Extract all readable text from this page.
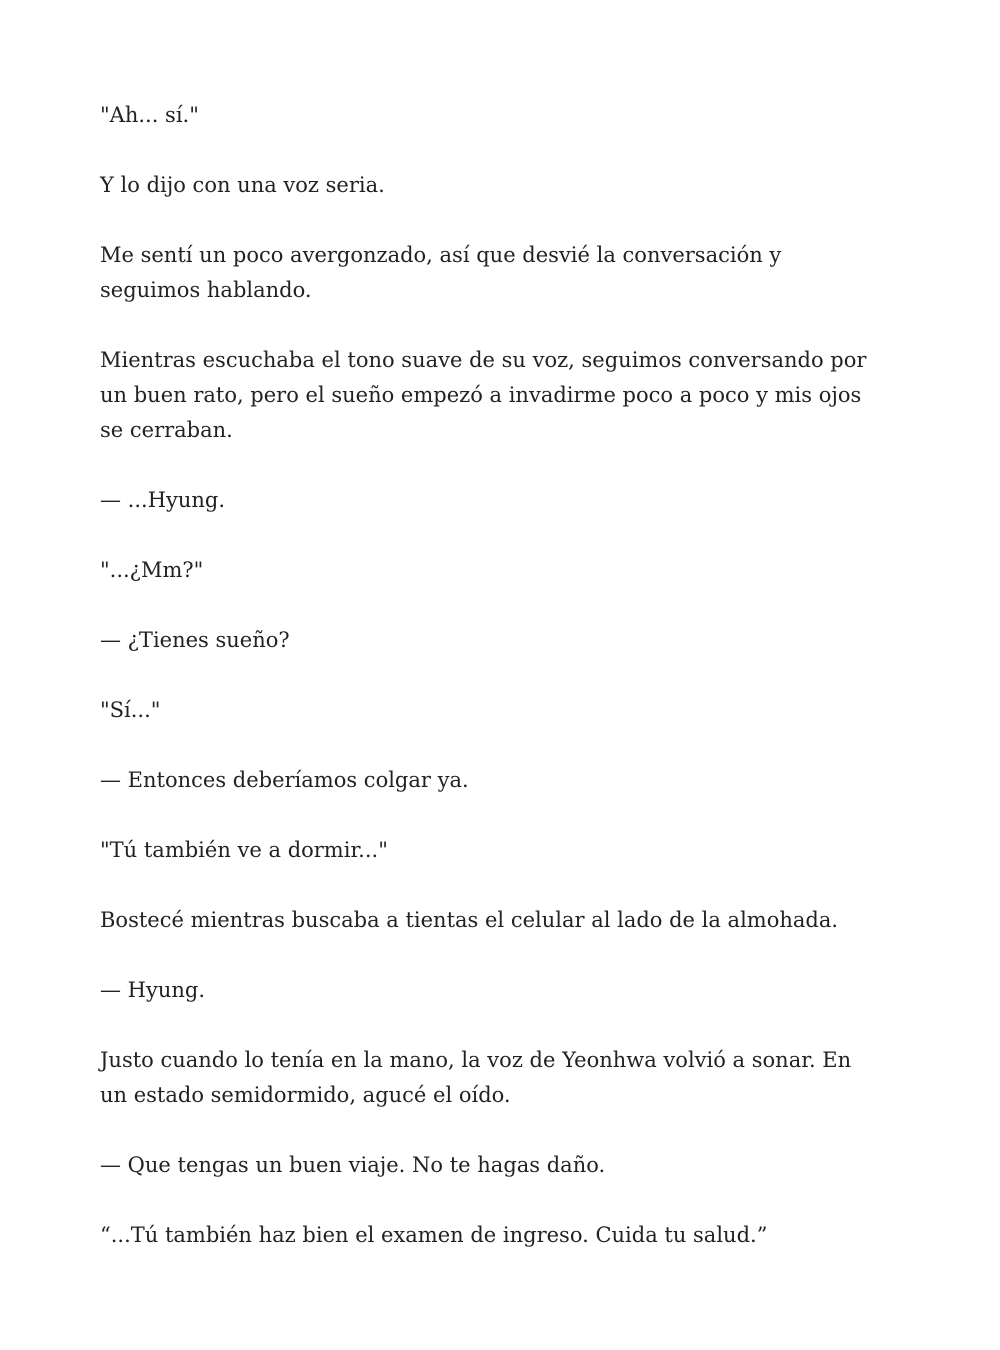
"Ah... sí."

Y lo dijo con una voz seria.

Me sentí un poco avergonzado, así que desvié la conversación y seguimos hablando.

Mientras escuchaba el tono suave de su voz, seguimos conversando por un buen rato, pero el sueño empezó a invadirme poco a poco y mis ojos se cerraban.

— ...Hyung.

"...¿Mm?"

— ¿Tienes sueño?

"Sí..."

— Entonces deberíamos colgar ya.

"Tú también ve a dormir..."

Bostecé mientras buscaba a tientas el celular al lado de la almohada.

— Hyung.

Justo cuando lo tenía en la mano, la voz de Yeonhwa volvió a sonar. En un estado semidormido, agucé el oído.

— Que tengas un buen viaje. No te hagas daño.

“...Tú también haz bien el examen de ingreso. Cuida tu salud.”
